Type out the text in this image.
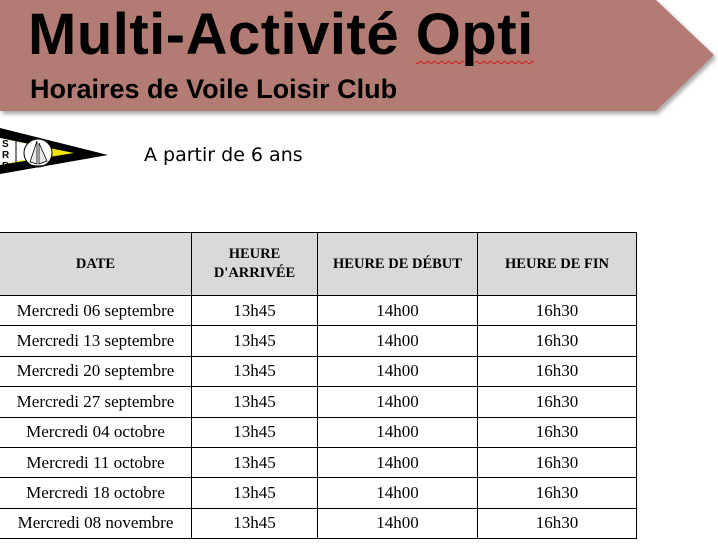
Multi-Activité Opti
Horaires de Voile Loisir Club
S
R
B
A partir de 6 ans
DATE	HEURE D'ARRIVÉE	HEURE DE DÉBUT	HEURE DE FIN
Mercredi 06 septembre	13h45	14h00	16h30
Mercredi 13 septembre	13h45	14h00	16h30
Mercredi 20 septembre	13h45	14h00	16h30
Mercredi 27 septembre	13h45	14h00	16h30
Mercredi 04 octobre	13h45	14h00	16h30
Mercredi 11 octobre	13h45	14h00	16h30
Mercredi 18 octobre	13h45	14h00	16h30
Mercredi 08 novembre	13h45	14h00	16h30
